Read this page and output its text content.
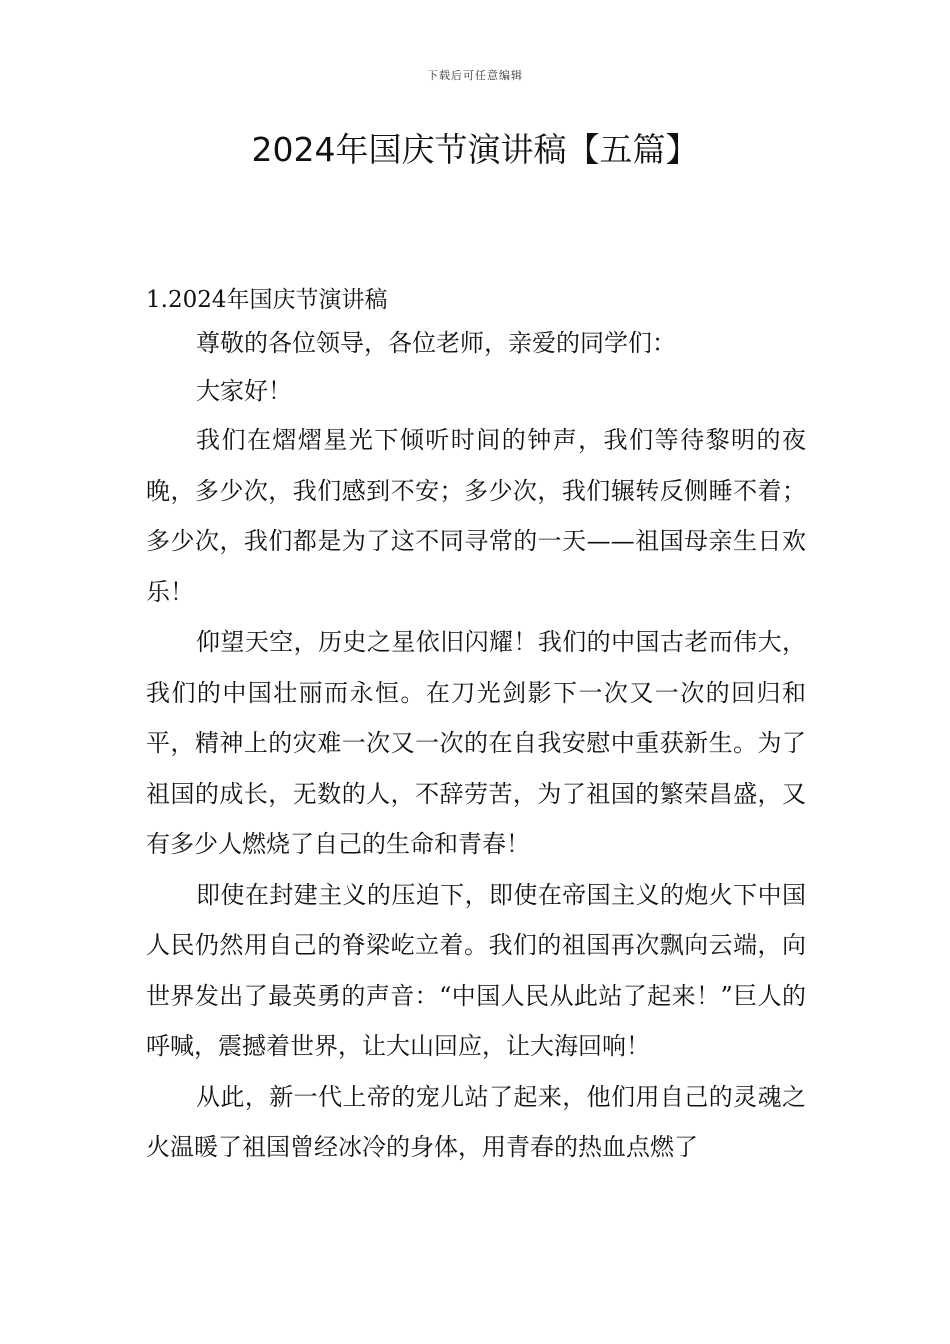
下载后可任意编辑
2024年国庆节演讲稿【五篇】

1.2024年国庆节演讲稿

尊敬的各位领导，各位老师，亲爱的同学们：

大家好！

我们在熠熠星光下倾听时间的钟声，我们等待黎明的夜晚，多少次，我们感到不安；多少次，我们辗转反侧睡不着；多少次，我们都是为了这不同寻常的一天——祖国母亲生日欢乐！

仰望天空，历史之星依旧闪耀！我们的中国古老而伟大，我们的中国壮丽而永恒。在刀光剑影下一次又一次的回归和平，精神上的灾难一次又一次的在自我安慰中重获新生。为了祖国的成长，无数的人，不辞劳苦，为了祖国的繁荣昌盛，又有多少人燃烧了自己的生命和青春！

即使在封建主义的压迫下，即使在帝国主义的炮火下中国人民仍然用自己的脊梁屹立着。我们的祖国再次飘向云端，向世界发出了最英勇的声音：“中国人民从此站了起来！”巨人的呼喊，震撼着世界，让大山回应，让大海回响！

从此，新一代上帝的宠儿站了起来，他们用自己的灵魂之火温暖了祖国曾经冰冷的身体，用青春的热血点燃了
